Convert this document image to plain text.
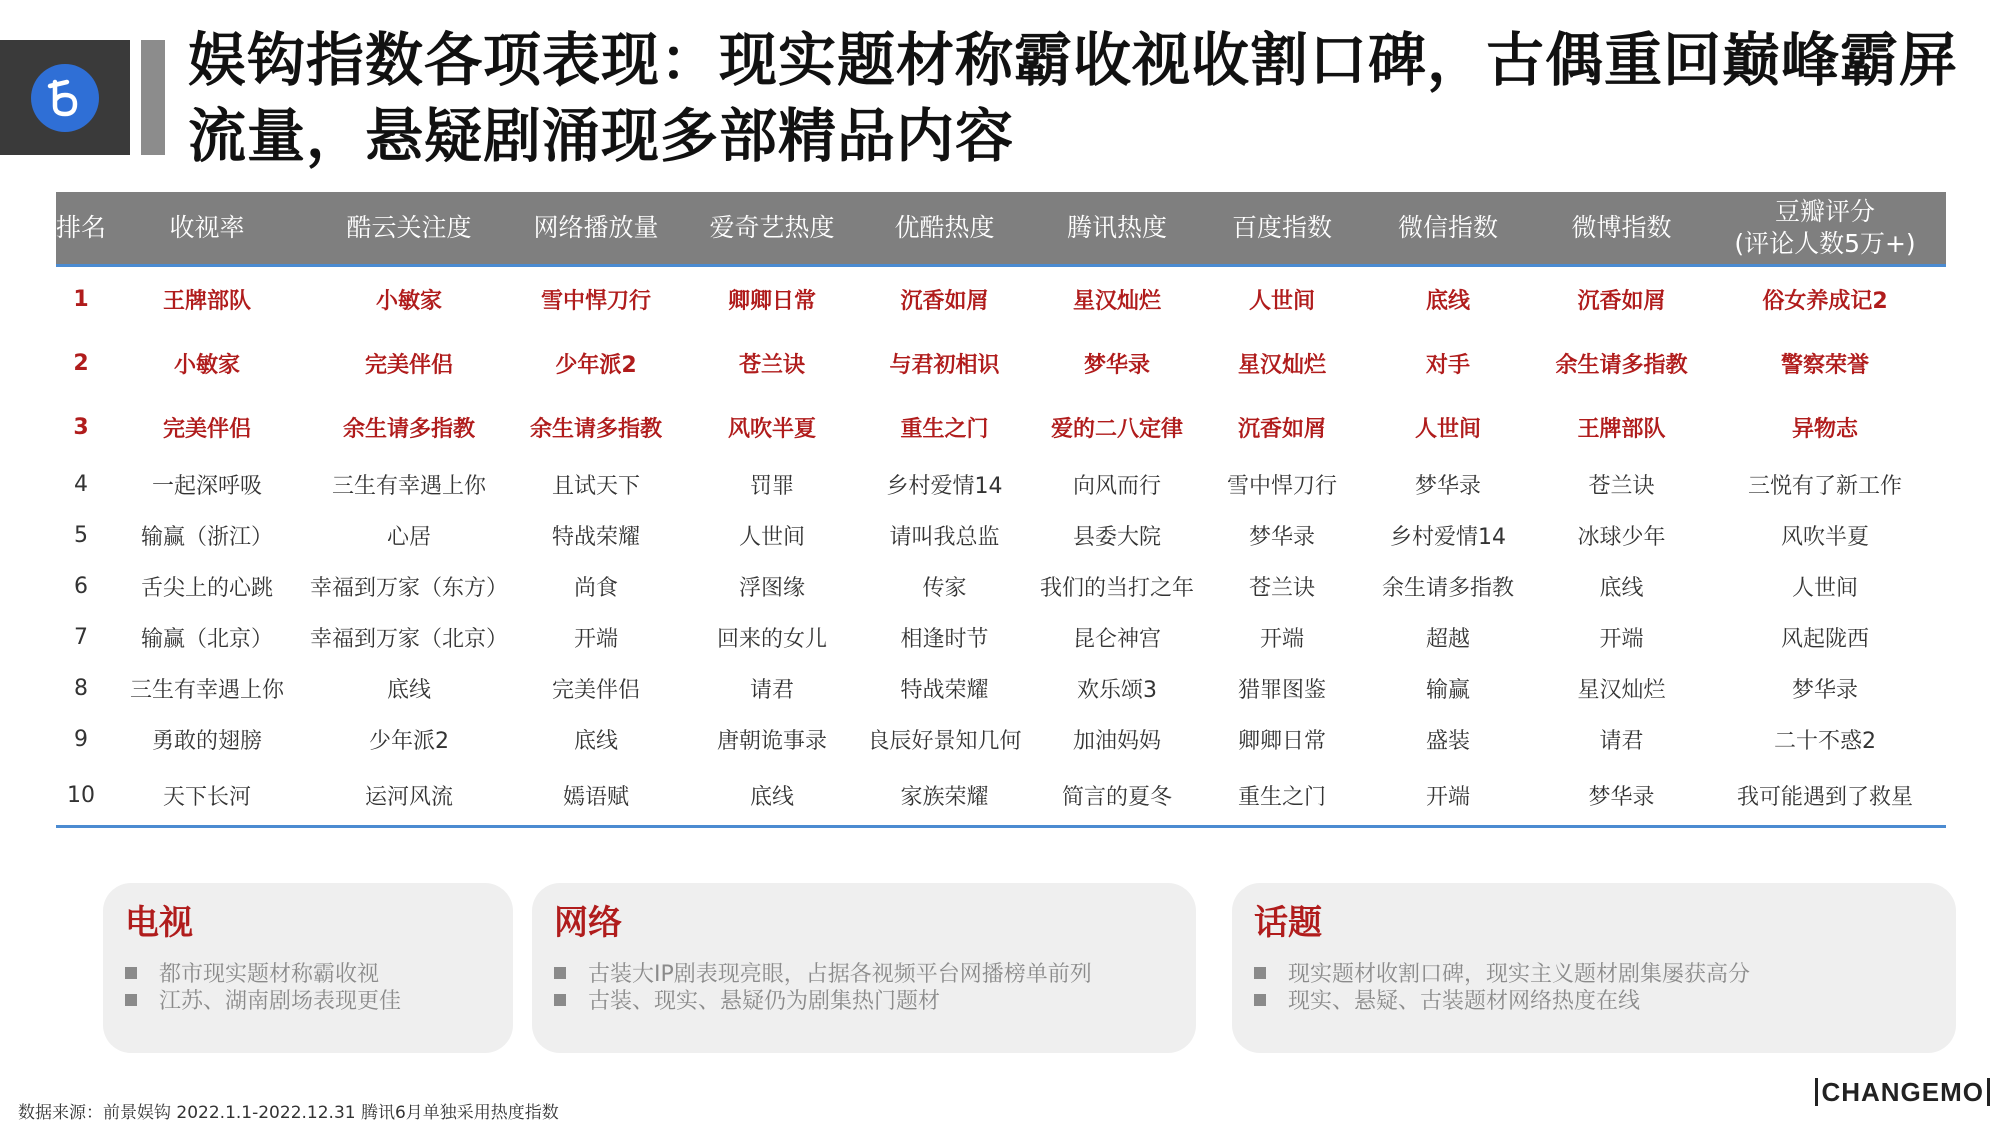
娱钩指数各项表现：现实题材称霸收视收割口碑，古偶重回巅峰霸屏流量，悬疑剧涌现多部精品内容
排名	收视率	酷云关注度	网络播放量	爱奇艺热度	优酷热度	腾讯热度	百度指数	微信指数	微博指数	豆瓣评分
(评论人数5万+)
1	王牌部队	小敏家	雪中悍刀行	卿卿日常	沉香如屑	星汉灿烂	人世间	底线	沉香如屑	俗女养成记2
2	小敏家	完美伴侣	少年派2	苍兰诀	与君初相识	梦华录	星汉灿烂	对手	余生请多指教	警察荣誉
3	完美伴侣	余生请多指教	余生请多指教	风吹半夏	重生之门	爱的二八定律	沉香如屑	人世间	王牌部队	异物志
4	一起深呼吸	三生有幸遇上你	且试天下	罚罪	乡村爱情14	向风而行	雪中悍刀行	梦华录	苍兰诀	三悦有了新工作
5	输赢（浙江）	心居	特战荣耀	人世间	请叫我总监	县委大院	梦华录	乡村爱情14	冰球少年	风吹半夏
6	舌尖上的心跳	幸福到万家（东方）	尚食	浮图缘	传家	我们的当打之年	苍兰诀	余生请多指教	底线	人世间
7	输赢（北京）	幸福到万家（北京）	开端	回来的女儿	相逢时节	昆仑神宫	开端	超越	开端	风起陇西
8	三生有幸遇上你	底线	完美伴侣	请君	特战荣耀	欢乐颂3	猎罪图鉴	输赢	星汉灿烂	梦华录
9	勇敢的翅膀	少年派2	底线	唐朝诡事录	良辰好景知几何	加油妈妈	卿卿日常	盛装	请君	二十不惑2
10	天下长河	运河风流	嫣语赋	底线	家族荣耀	简言的夏冬	重生之门	开端	梦华录	我可能遇到了救星
电视
都市现实题材称霸收视
江苏、湖南剧场表现更佳
网络
古装大IP剧表现亮眼，占据各视频平台网播榜单前列
古装、现实、悬疑仍为剧集热门题材
话题
现实题材收割口碑，现实主义题材剧集屡获高分
现实、悬疑、古装题材网络热度在线
数据来源：前景娱钩 2022.1.1-2022.12.31 腾讯6月单独采用热度指数
CHANGEMO
